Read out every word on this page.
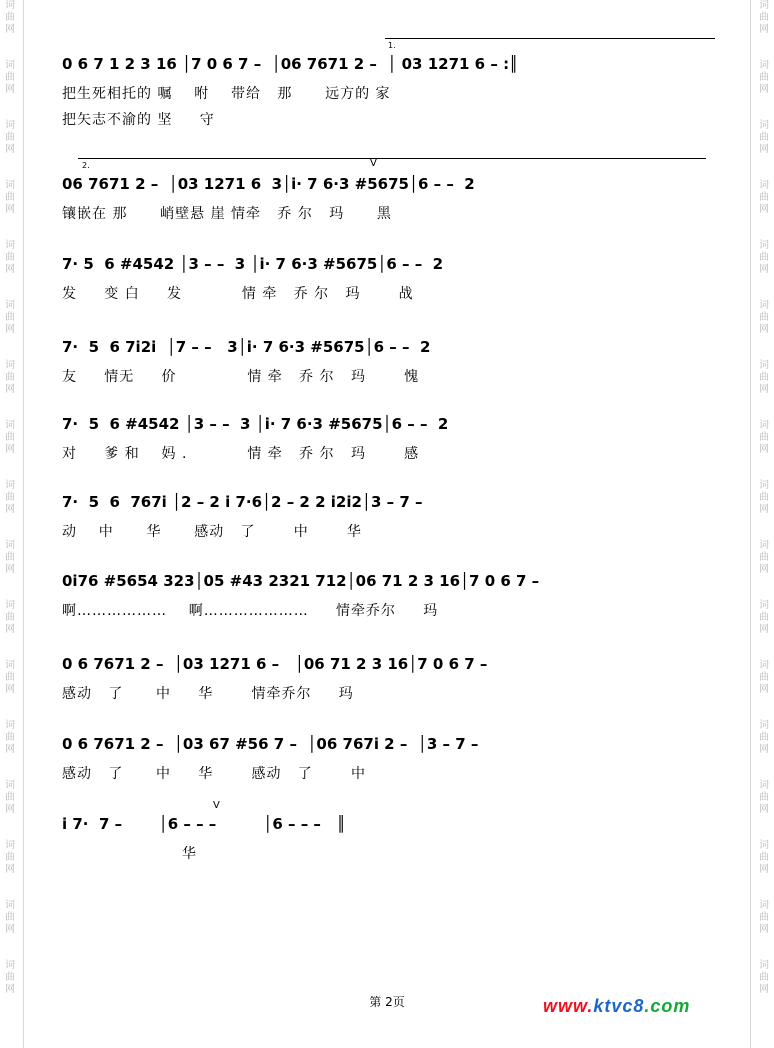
词
曲
网
词
曲
网
词
曲
网
词
曲
网
词
曲
网
词
曲
网
词
曲
网
词
曲
网
词
曲
网
词
曲
网
词
曲
网
词
曲
网
词
曲
网
词
曲
网
词
曲
网
词
曲
网
词
曲
网
词
曲
网
词
曲
网
词
曲
网
词
曲
网
词
曲
网
词
曲
网
词
曲
网
词
曲
网
词
曲
网
词
曲
网
词
曲
网
词
曲
网
词
曲
网
词
曲
网
词
曲
网
词
曲
网
词
曲
网
0 6 7 1 2 3 16 │7 0 6 7 –  │06 7671 2 –  │ 03 1271 6 – :║
把生死相托的 嘱    咐    带给   那      远方的 家
把矢志不渝的 坚     守
1.
06 7671 2 –  │03 1271 6  3│i· 7 6·3 #5675│6 – –  2
镶嵌在 那      峭壁悬 崖 情牵   乔 尔   玛      黑
2.
7· 5  6 #4542 │3 – –  3 │i· 7 6·3 #5675│6 – –  2
发     变 白     发           情 牵   乔 尔   玛       战
7·  5  6 7i2i  │7 – –   3│i· 7 6·3 #5675│6 – –  2
友     情无     价             情 牵   乔 尔   玛       愧
7·  5  6 #4542 │3 – –  3 │i· 7 6·3 #5675│6 – –  2
对     爹 和    妈 .           情 牵   乔 尔   玛       感
7·  5  6  767i │2 – 2 i 7·6│2 – 2 2 i2i2│3 – 7 –
动    中      华      感动   了       中       华
0i76 #5654 323│05 #43 2321 712│06 71 2 3 16│7 0 6 7 –
啊………………    啊…………………     情牵乔尔     玛
0 6 7671 2 –  │03 1271 6 –   │06 71 2 3 16│7 0 6 7 –
感动   了      中     华       情牵乔尔     玛
0 6 7671 2 –  │03 67 #56 7 –  │06 767i 2 –  │3 – 7 –
感动   了      中     华       感动   了       中
i 7·  7 –       │6 – – –         │6 – – –   ║
华
V
V
第 2页	www.ktvc8.com
